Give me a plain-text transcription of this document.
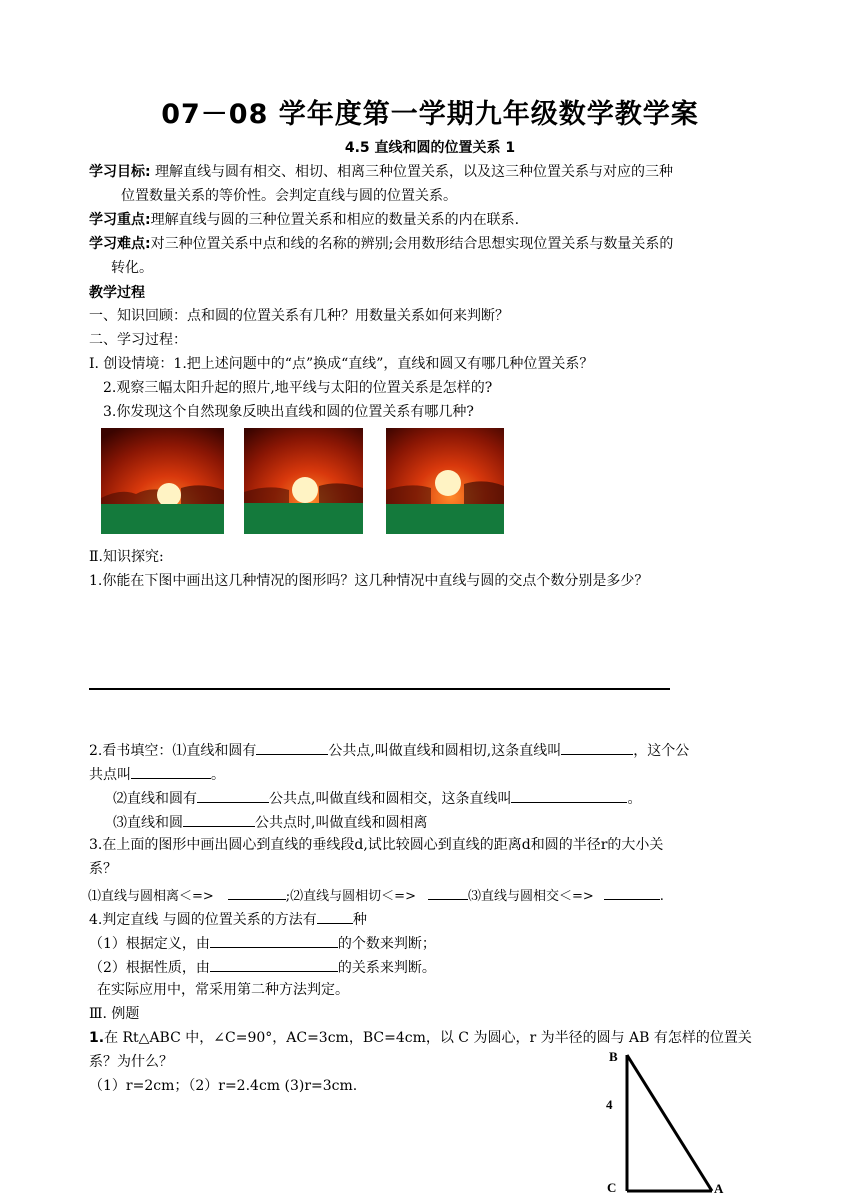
07－08 学年度第一学期九年级数学教学案
4.5 直线和圆的位置关系 1
学习目标: 理解直线与圆有相交、相切、相离三种位置关系，以及这三种位置关系与对应的三种
位置数量关系的等价性。会判定直线与圆的位置关系。
学习重点:理解直线与圆的三种位置关系和相应的数量关系的内在联系.
学习难点:对三种位置关系中点和线的名称的辨别;会用数形结合思想实现位置关系与数量关系的
转化。
教学过程
一、知识回顾：点和圆的位置关系有几种？用数量关系如何来判断？
二、学习过程：
Ⅰ. 创设情境：1.把上述问题中的“点”换成“直线”，直线和圆又有哪几种位置关系？
2.观察三幅太阳升起的照片,地平线与太阳的位置关系是怎样的?
3.你发现这个自然现象反映出直线和圆的位置关系有哪几种?
Ⅱ.知识探究:
1.你能在下图中画出这几种情况的图形吗？这几种情况中直线与圆的交点个数分别是多少？
2.看书填空：⑴直线和圆有	公共点,叫做直线和圆相切,这条直线叫	，这个公
共点叫	。
⑵直线和圆有	公共点,叫做直线和圆相交，这条直线叫	。
⑶直线和圆	公共点时,叫做直线和圆相离
3.在上面的图形中画出圆心到直线的垂线段d,试比较圆心到直线的距离d和圆的半径r的大小关
系？
⑴直线与圆相离＜=>	;⑵直线与圆相切＜=>	⑶直线与圆相交＜=>	.
4.判定直线 与圆的位置关系的方法有	种
（1）根据定义，由	的个数来判断；
（2）根据性质，由	的关系来判断。
在实际应用中，常采用第二种方法判定。
Ⅲ. 例题
1.在 Rt△ABC 中，∠C=90°，AC=3cm，BC=4cm，以 C 为圆心，r 为半径的圆与 AB 有怎样的位置关
系？为什么？
（1）r=2cm；（2）r=2.4cm (3)r=3cm.
B
4
C	A
